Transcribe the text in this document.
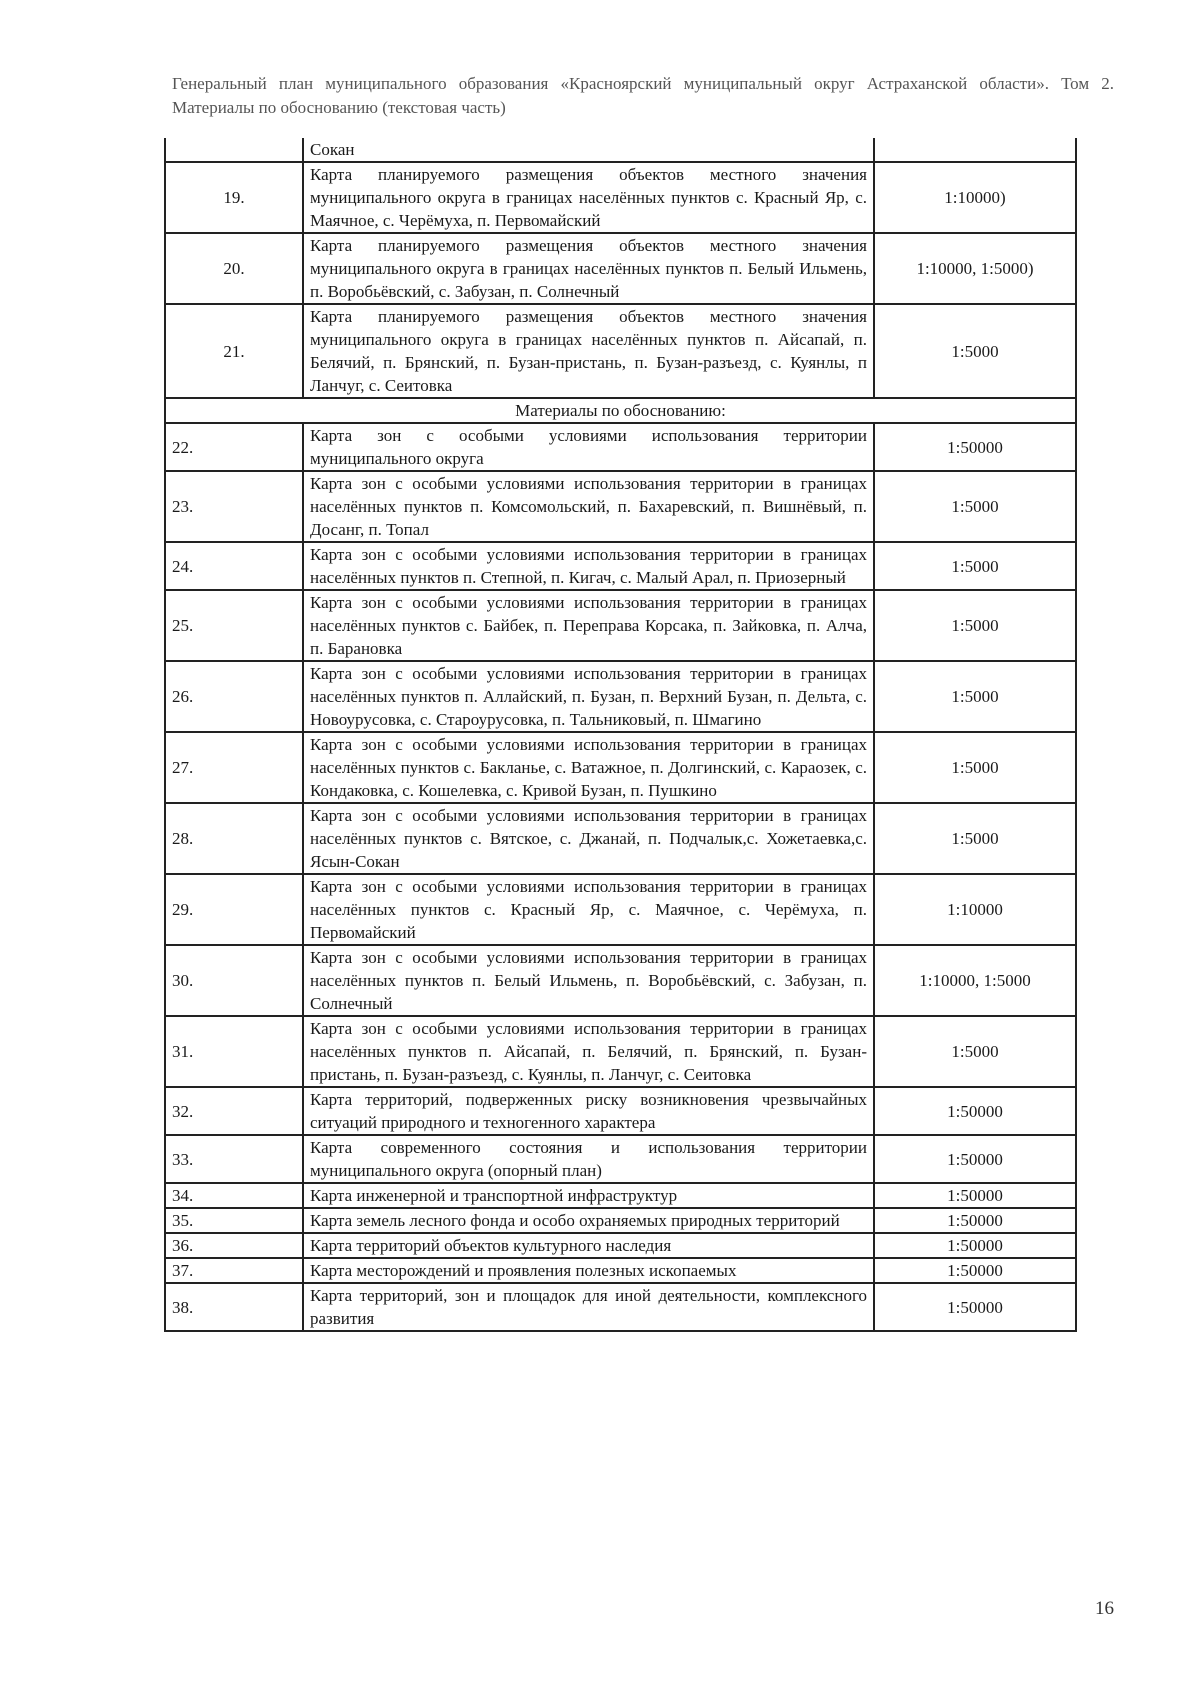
Генеральный план муниципального образования «Красноярский муниципальный округ Астраханской области». Том 2. Материалы по обоснованию (текстовая часть)
	Сокан	
19.	Карта планируемого размещения объектов местного значения муниципального округа в границах населённых пунктов с. Красный Яр, с. Маячное, с. Черёмуха, п. Первомайский	1:10000)
20.	Карта планируемого размещения объектов местного значения муниципального округа в границах населённых пунктов п. Белый Ильмень, п. Воробьёвский, с. Забузан, п. Солнечный	1:10000, 1:5000)
21.	Карта планируемого размещения объектов местного значения муниципального округа в границах населённых пунктов п. Айсапай, п. Белячий, п. Брянский, п. Бузан-пристань, п. Бузан-разъезд, с. Куянлы, п Ланчуг, с. Сеитовка	1:5000
Материалы по обоснованию:		
22.	Карта зон с особыми условиями использования территории муниципального округа	1:50000
23.	Карта зон с особыми условиями использования территории в границах населённых пунктов п. Комсомольский, п. Бахаревский, п. Вишнёвый, п. Досанг, п. Топал	1:5000
24.	Карта зон с особыми условиями использования территории в границах населённых пунктов п. Степной, п. Кигач, с. Малый Арал, п. Приозерный	1:5000
25.	Карта зон с особыми условиями использования территории в границах населённых пунктов с. Байбек, п. Переправа Корсака, п. Зайковка, п. Алча, п. Барановка	1:5000
26.	Карта зон с особыми условиями использования территории в границах населённых пунктов п. Аллайский, п. Бузан, п. Верхний Бузан, п. Дельта, с. Новоурусовка, с. Староурусовка, п. Тальниковый, п. Шмагино	1:5000
27.	Карта зон с особыми условиями использования территории в границах населённых пунктов с. Бакланье, с. Ватажное, п. Долгинский, с. Караозек, с. Кондаковка, с. Кошелевка, с. Кривой Бузан, п. Пушкино	1:5000
28.	Карта зон с особыми условиями использования территории в границах населённых пунктов с. Вятское, с. Джанай, п. Подчалык,с. Хожетаевка,с. Ясын-Сокан	1:5000
29.	Карта зон с особыми условиями использования территории в границах населённых пунктов с. Красный Яр, с. Маячное, с. Черёмуха, п. Первомайский	1:10000
30.	Карта зон с особыми условиями использования территории в границах населённых пунктов п. Белый Ильмень, п. Воробьёвский, с. Забузан, п. Солнечный	1:10000, 1:5000
31.	Карта зон с особыми условиями использования территории в границах населённых пунктов п. Айсапай, п. Белячий, п. Брянский, п. Бузан-пристань, п. Бузан-разъезд, с. Куянлы, п. Ланчуг, с. Сеитовка	1:5000
32.	Карта территорий, подверженных риску возникновения чрезвычайных ситуаций природного и техногенного характера	1:50000
33.	Карта современного состояния и использования территории муниципального округа (опорный план)	1:50000
34.	Карта инженерной и транспортной инфраструктур	1:50000
35.	Карта земель лесного фонда и особо охраняемых природных территорий	1:50000
36.	Карта территорий объектов культурного наследия	1:50000
37.	Карта месторождений и проявления полезных ископаемых	1:50000
38.	Карта территорий, зон и площадок для иной деятельности, комплексного развития	1:50000
16
